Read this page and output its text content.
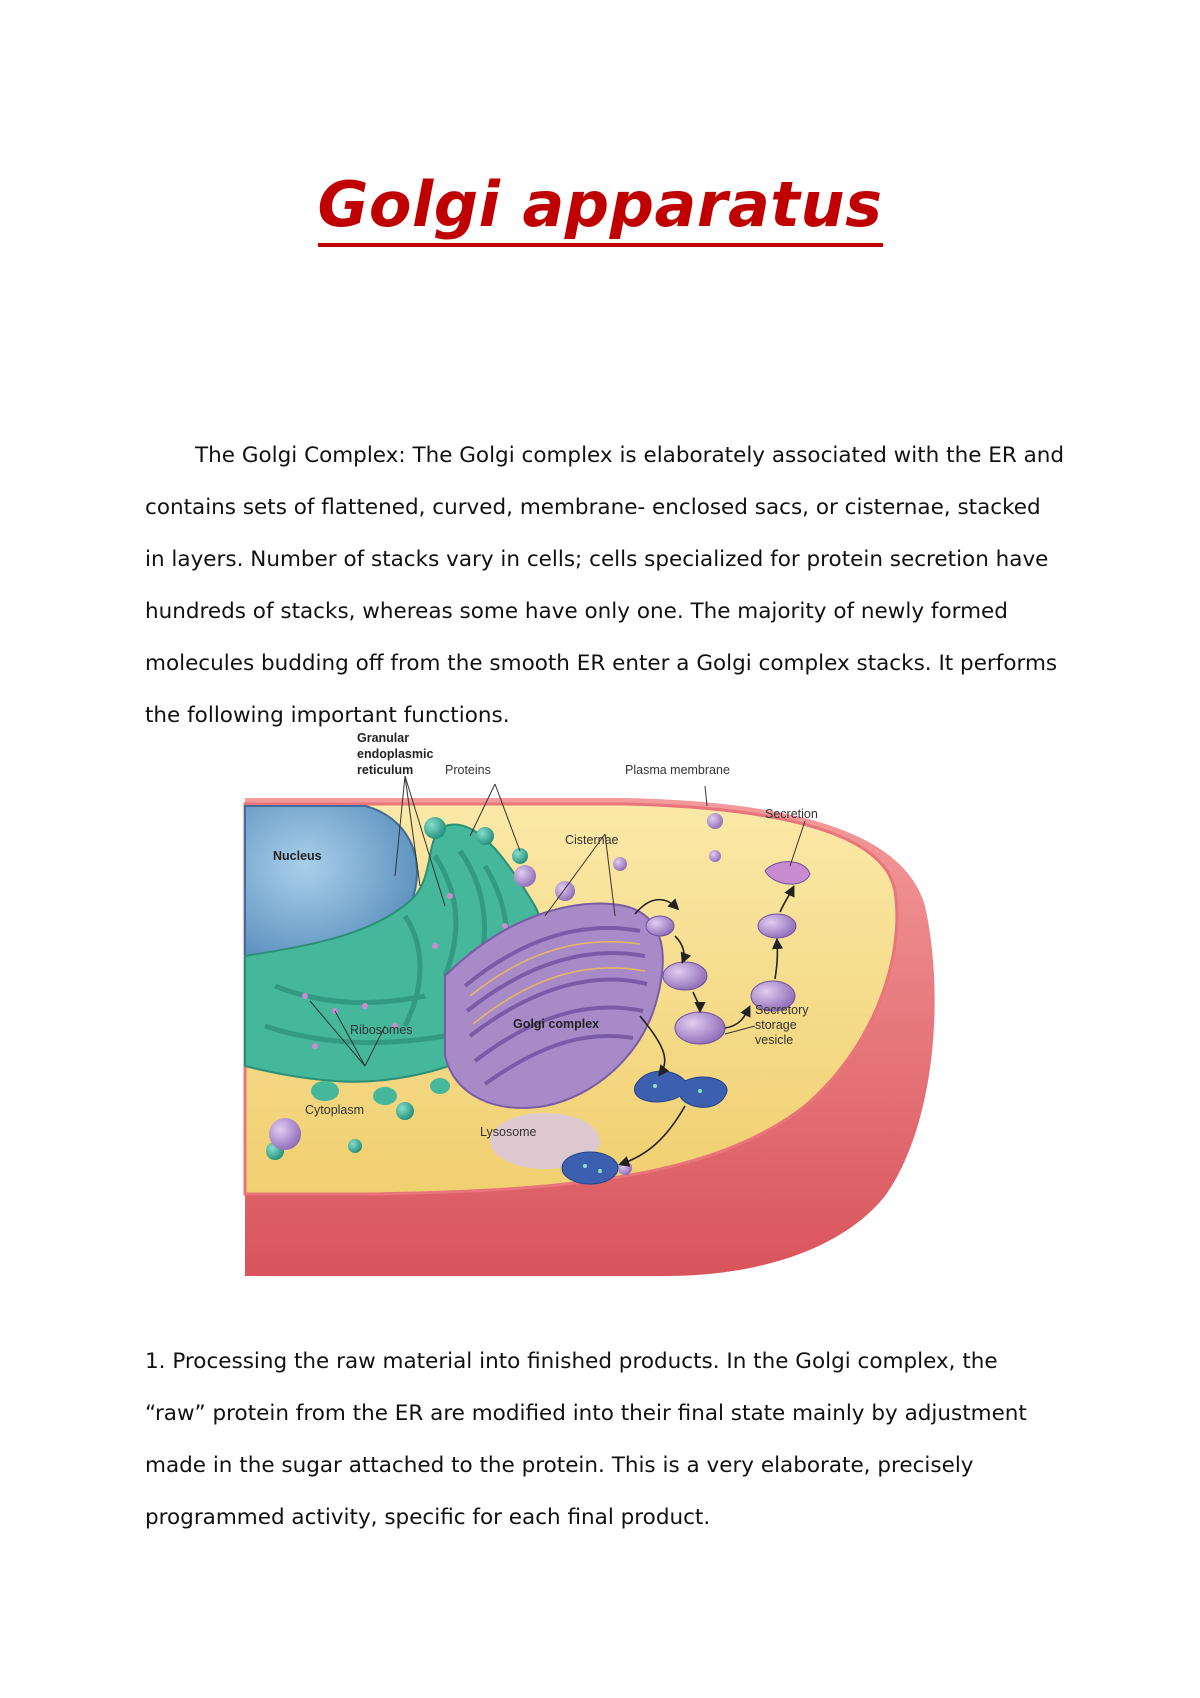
Golgi apparatus
The Golgi Complex: The Golgi complex is elaborately associated with the ER and contains sets of flattened, curved, membrane- enclosed sacs, or cisternae, stacked in layers. Number of stacks vary in cells; cells specialized for protein secretion have hundreds of stacks, whereas some have only one. The majority of newly formed molecules budding off from the smooth ER enter a Golgi complex stacks. It performs the following important functions.
Granular
endoplasmic
reticulum	Proteins	Plasma membrane
Secretion
Nucleus
Cisternae
Ribosomes	Golgi complex
Secretory
storage
vesicle
Cytoplasm
Lysosome
1. Processing the raw material into finished products. In the Golgi complex, the “raw” protein from the ER are modified into their final state mainly by adjustment made in the sugar attached to the protein. This is a very elaborate, precisely programmed activity, specific for each final product.
